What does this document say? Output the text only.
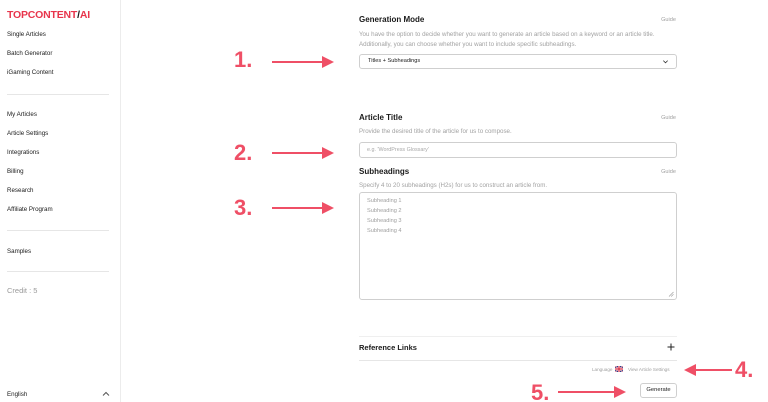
TOPCONTENT/AI
Single Articles
Batch Generator
iGaming Content
My Articles
Article Settings
Integrations
Billing
Research
Affiliate Program
Samples
Credit : 5
English
Generation Mode	Guide
You have the option to decide whether you want to generate an article based on a keyword or an article title. Additionally, you can choose whether you want to include specific subheadings.
Titles + Subheadings
Article Title	Guide
Provide the desired title of the article for us to compose.
e.g. 'WordPress Glossary'
Subheadings	Guide
Specify 4 to 20 subheadings (H2s) for us to construct an article from.
Subheading 1
Subheading 2
Subheading 3
Subheading 4
Reference Links
Language	View Article Settings
Generate
1.
2.
3.
4.
5.
